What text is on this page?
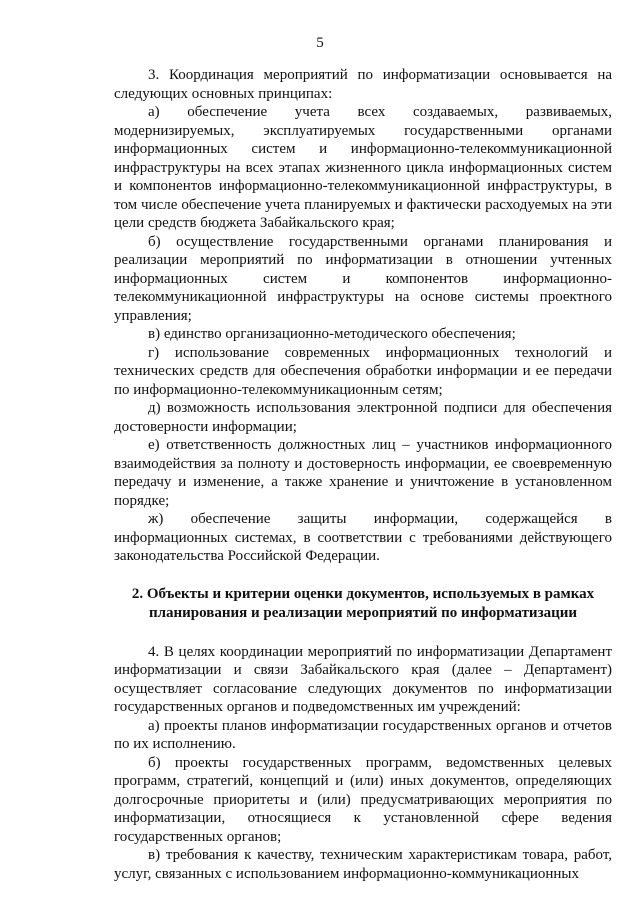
5

3. Координация мероприятий по информатизации основывается на следующих основных принципах:

а) обеспечение учета всех создаваемых, развиваемых, модернизируемых, эксплуатируемых государственными органами информационных систем и информационно-телекоммуникационной инфраструктуры на всех этапах жизненного цикла информационных систем и компонентов информационно-телекоммуникационной инфраструктуры, в том числе обеспечение учета планируемых и фактически расходуемых на эти цели средств бюджета Забайкальского края;

б) осуществление государственными органами планирования и реализации мероприятий по информатизации в отношении учтенных информационных систем и компонентов информационно-телекоммуникационной инфраструктуры на основе системы проектного управления;

в) единство организационно-методического обеспечения;

г) использование современных информационных технологий и технических средств для обеспечения обработки информации и ее передачи по информационно-телекоммуникационным сетям;

д) возможность использования электронной подписи для обеспечения достоверности информации;

е) ответственность должностных лиц – участников информационного взаимодействия за полноту и достоверность информации, ее своевременную передачу и изменение, а также хранение и уничтожение в установленном порядке;

ж) обеспечение защиты информации, содержащейся в информационных системах, в соответствии с требованиями действующего законодательства Российской Федерации.

2. Объекты и критерии оценки документов, используемых в рамках
планирования и реализации мероприятий по информатизации

4. В целях координации мероприятий по информатизации Департамент информатизации и связи Забайкальского края (далее – Департамент) осуществляет согласование следующих документов по информатизации государственных органов и подведомственных им учреждений:

а) проекты планов информатизации государственных органов и отчетов по их исполнению.

б) проекты государственных программ, ведомственных целевых программ, стратегий, концепций и (или) иных документов, определяющих долгосрочные приоритеты и (или) предусматривающих мероприятия по информатизации, относящиеся к установленной сфере ведения государственных органов;

в) требования к качеству, техническим характеристикам товара, работ, услуг, связанных с использованием информационно-коммуникационных
